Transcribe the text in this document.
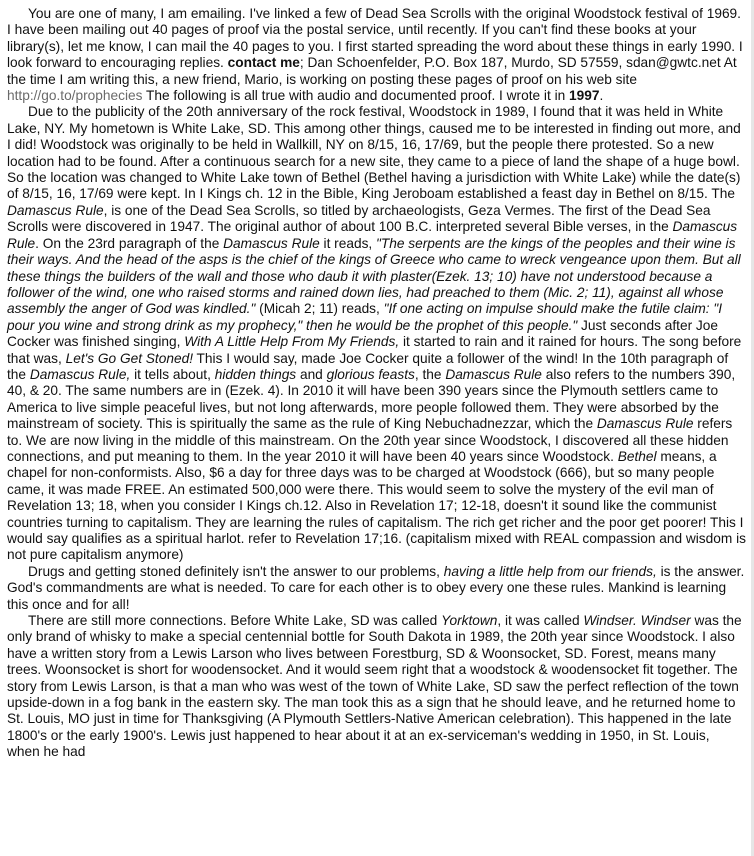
You are one of many, I am emailing. I've linked a few of Dead Sea Scrolls with the original Woodstock festival of 1969. I have been mailing out 40 pages of proof via the postal service, until recently. If you can't find these books at your library(s), let me know, I can mail the 40 pages to you. I first started spreading the word about these things in early 1990. I look forward to encouraging replies. contact me; Dan Schoenfelder, P.O. Box 187, Murdo, SD 57559, sdan@gwtc.net At the time I am writing this, a new friend, Mario, is working on posting these pages of proof on his web site http://go.to/prophecies The following is all true with audio and documented proof. I wrote it in 1997.

Due to the publicity of the 20th anniversary of the rock festival, Woodstock in 1989, I found that it was held in White Lake, NY. My hometown is White Lake, SD. This among other things, caused me to be interested in finding out more, and I did! Woodstock was originally to be held in Wallkill, NY on 8/15, 16, 17/69, but the people there protested. So a new location had to be found. After a continuous search for a new site, they came to a piece of land the shape of a huge bowl. So the location was changed to White Lake town of Bethel (Bethel having a jurisdiction with White Lake) while the date(s) of 8/15, 16, 17/69 were kept. In I Kings ch. 12 in the Bible, King Jeroboam established a feast day in Bethel on 8/15. The Damascus Rule, is one of the Dead Sea Scrolls, so titled by archaeologists, Geza Vermes. The first of the Dead Sea Scrolls were discovered in 1947. The original author of about 100 B.C. interpreted several Bible verses, in the Damascus Rule. On the 23rd paragraph of the Damascus Rule it reads, "The serpents are the kings of the peoples and their wine is their ways. And the head of the asps is the chief of the kings of Greece who came to wreck vengeance upon them. But all these things the builders of the wall and those who daub it with plaster(Ezek. 13; 10) have not understood because a follower of the wind, one who raised storms and rained down lies, had preached to them (Mic. 2; 11), against all whose assembly the anger of God was kindled." (Micah 2; 11) reads, "If one acting on impulse should make the futile claim: "I pour you wine and strong drink as my prophecy," then he would be the prophet of this people." Just seconds after Joe Cocker was finished singing, With A Little Help From My Friends, it started to rain and it rained for hours. The song before that was, Let's Go Get Stoned! This I would say, made Joe Cocker quite a follower of the wind! In the 10th paragraph of the Damascus Rule, it tells about, hidden things and glorious feasts, the Damascus Rule also refers to the numbers 390, 40, & 20. The same numbers are in (Ezek. 4). In 2010 it will have been 390 years since the Plymouth settlers came to America to live simple peaceful lives, but not long afterwards, more people followed them. They were absorbed by the mainstream of society. This is spiritually the same as the rule of King Nebuchadnezzar, which the Damascus Rule refers to. We are now living in the middle of this mainstream. On the 20th year since Woodstock, I discovered all these hidden connections, and put meaning to them. In the year 2010 it will have been 40 years since Woodstock. Bethel means, a chapel for non-conformists. Also, $6 a day for three days was to be charged at Woodstock (666), but so many people came, it was made FREE. An estimated 500,000 were there. This would seem to solve the mystery of the evil man of Revelation 13; 18, when you consider I Kings ch.12. Also in Revelation 17; 12-18, doesn't it sound like the communist countries turning to capitalism. They are learning the rules of capitalism. The rich get richer and the poor get poorer! This I would say qualifies as a spiritual harlot. refer to Revelation 17;16. (capitalism mixed with REAL compassion and wisdom is not pure capitalism anymore)

Drugs and getting stoned definitely isn't the answer to our problems, having a little help from our friends, is the answer. God's commandments are what is needed. To care for each other is to obey every one these rules. Mankind is learning this once and for all!

There are still more connections. Before White Lake, SD was called Yorktown, it was called Windser. Windser was the only brand of whisky to make a special centennial bottle for South Dakota in 1989, the 20th year since Woodstock. I also have a written story from a Lewis Larson who lives between Forestburg, SD & Woonsocket, SD. Forest, means many trees. Woonsocket is short for woodensocket. And it would seem right that a woodstock & woodensocket fit together. The story from Lewis Larson, is that a man who was west of the town of White Lake, SD saw the perfect reflection of the town upside-down in a fog bank in the eastern sky. The man took this as a sign that he should leave, and he returned home to St. Louis, MO just in time for Thanksgiving (A Plymouth Settlers-Native American celebration). This happened in the late 1800's or the early 1900's. Lewis just happened to hear about it at an ex-serviceman's wedding in 1950, in St. Louis, when he had
